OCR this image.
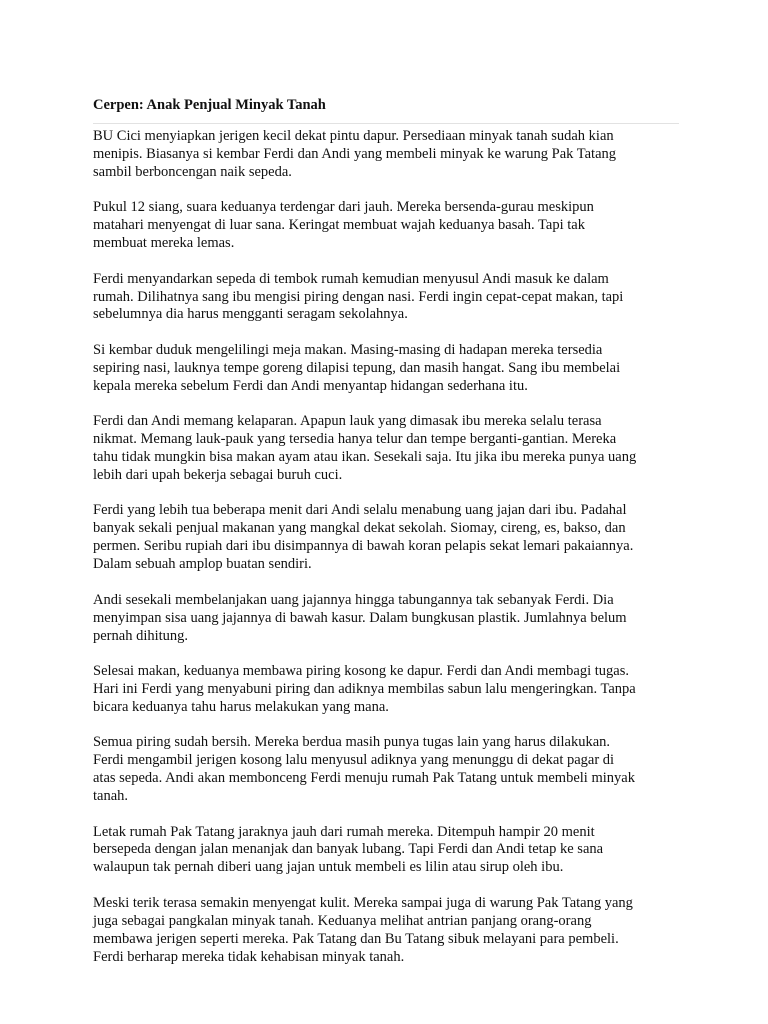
Cerpen: Anak Penjual Minyak Tanah

BU Cici menyiapkan jerigen kecil dekat pintu dapur. Persediaan minyak tanah sudah kian
menipis. Biasanya si kembar Ferdi dan Andi yang membeli minyak ke warung Pak Tatang
sambil berboncengan naik sepeda.

Pukul 12 siang, suara keduanya terdengar dari jauh. Mereka bersenda-gurau meskipun
matahari menyengat di luar sana. Keringat membuat wajah keduanya basah. Tapi tak
membuat mereka lemas.

Ferdi menyandarkan sepeda di tembok rumah kemudian menyusul Andi masuk ke dalam
rumah. Dilihatnya sang ibu mengisi piring dengan nasi. Ferdi ingin cepat-cepat makan, tapi
sebelumnya dia harus mengganti seragam sekolahnya.

Si kembar duduk mengelilingi meja makan. Masing-masing di hadapan mereka tersedia
sepiring nasi, lauknya tempe goreng dilapisi tepung, dan masih hangat. Sang ibu membelai
kepala mereka sebelum Ferdi dan Andi menyantap hidangan sederhana itu.

Ferdi dan Andi memang kelaparan. Apapun lauk yang dimasak ibu mereka selalu terasa
nikmat. Memang lauk-pauk yang tersedia hanya telur dan tempe berganti-gantian. Mereka
tahu tidak mungkin bisa makan ayam atau ikan. Sesekali saja. Itu jika ibu mereka punya uang
lebih dari upah bekerja sebagai buruh cuci.

Ferdi yang lebih tua beberapa menit dari Andi selalu menabung uang jajan dari ibu. Padahal
banyak sekali penjual makanan yang mangkal dekat sekolah. Siomay, cireng, es, bakso, dan
permen. Seribu rupiah dari ibu disimpannya di bawah koran pelapis sekat lemari pakaiannya.
Dalam sebuah amplop buatan sendiri.

Andi sesekali membelanjakan uang jajannya hingga tabungannya tak sebanyak Ferdi. Dia
menyimpan sisa uang jajannya di bawah kasur. Dalam bungkusan plastik. Jumlahnya belum
pernah dihitung.

Selesai makan, keduanya membawa piring kosong ke dapur. Ferdi dan Andi membagi tugas.
Hari ini Ferdi yang menyabuni piring dan adiknya membilas sabun lalu mengeringkan. Tanpa
bicara keduanya tahu harus melakukan yang mana.

Semua piring sudah bersih. Mereka berdua masih punya tugas lain yang harus dilakukan.
Ferdi mengambil jerigen kosong lalu menyusul adiknya yang menunggu di dekat pagar di
atas sepeda. Andi akan membonceng Ferdi menuju rumah Pak Tatang untuk membeli minyak
tanah.

Letak rumah Pak Tatang jaraknya jauh dari rumah mereka. Ditempuh hampir 20 menit
bersepeda dengan jalan menanjak dan banyak lubang. Tapi Ferdi dan Andi tetap ke sana
walaupun tak pernah diberi uang jajan untuk membeli es lilin atau sirup oleh ibu.

Meski terik terasa semakin menyengat kulit. Mereka sampai juga di warung Pak Tatang yang
juga sebagai pangkalan minyak tanah. Keduanya melihat antrian panjang orang-orang
membawa jerigen seperti mereka. Pak Tatang dan Bu Tatang sibuk melayani para pembeli.
Ferdi berharap mereka tidak kehabisan minyak tanah.
